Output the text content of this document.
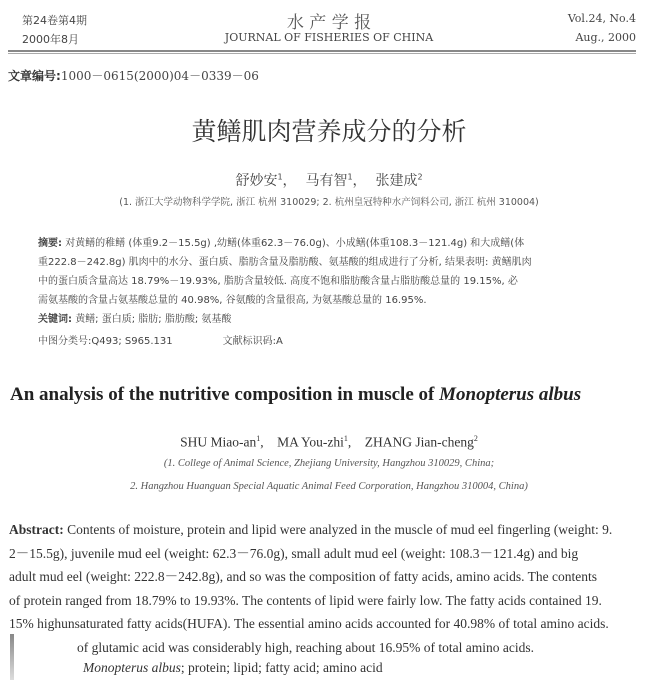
第24卷第4期
2000年8月
水 产 学 报
JOURNAL OF FISHERIES OF CHINA
Vol.24, No.4
Aug., 2000
文章编号:1000－0615(2000)04－0339－06
黄鳝肌肉营养成分的分析
舒妙安$^1$，  马有智$^1$，  张建成$^2$
(1. 浙江大学动物科学学院, 浙江 杭州 310029; 2. 杭州皇冠特种水产饲料公司, 浙江 杭州 310004)
摘要: 对黄鳝的稚鳝 (体重9.2－15.5g) ,幼鳝(体重62.3－76.0g)、小成鳝(体重108.3－121.4g) 和大成鳝(体
重222.8－242.8g) 肌肉中的水分、蛋白质、脂肪含量及脂肪酸、氨基酸的组成进行了分析, 结果表明: 黄鳝肌肉
中的蛋白质含量高达 18.79%－19.93%, 脂肪含量较低. 高度不饱和脂肪酸含量占脂肪酸总量的 19.15%, 必
需氨基酸的含量占氨基酸总量的 40.98%, 谷氨酸的含量很高, 为氨基酸总量的 16.95%.
关键词: 黄鳝; 蛋白质; 脂肪; 脂肪酸; 氨基酸
中图分类号:Q493; S965.131	文献标识码:A
An analysis of the nutritive composition in muscle of Monopterus albus
SHU Miao-$an^1$,    MA You-zhi$^1$,    ZHANG Jian-cheng$^2$
(1. College of Animal Science, Zhejiang University, Hangzhou 310029, China;
2. Hangzhou Huanguan Special Aquatic Animal Feed Corporation, Hangzhou 310004, China)
Abstract: Contents of moisture, protein and lipid were analyzed in the muscle of mud eel fingerling (weight: 9.
2－15.5g), juvenile mud eel (weight: 62.3－76.0g), small adult mud eel (weight: 108.3－121.4g) and big
adult mud eel (weight: 222.8－242.8g), and so was the composition of fatty acids, amino acids. The contents
of protein ranged from 18.79% to 19.93%. The contents of lipid were fairly low. The fatty acids contained 19.
15% highunsaturated fatty acids(HUFA). The essential amino acids accounted for 40.98% of total amino acids.
of glutamic acid was considerably high, reaching about 16.95% of total amino acids.
Monopterus albus; protein; lipid; fatty acid; amino acid
